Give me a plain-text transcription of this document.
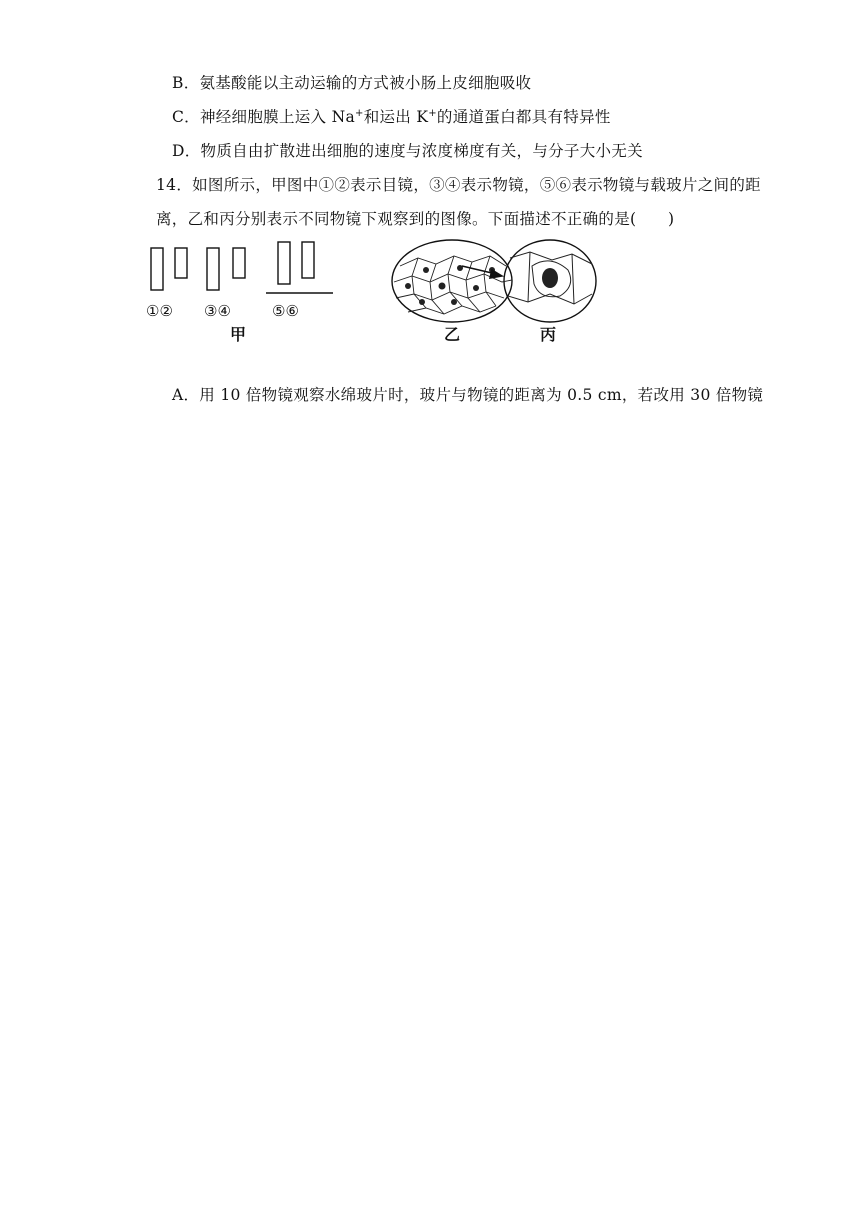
B．氨基酸能以主动运输的方式被小肠上皮细胞吸收
C．神经细胞膜上运入 Na+和运出 K+的通道蛋白都具有特异性
D．物质自由扩散进出细胞的速度与浓度梯度有关，与分子大小无关
14．如图所示，甲图中①②表示目镜，③④表示物镜，⑤⑥表示物镜与载玻片之间的距
离，乙和丙分别表示不同物镜下观察到的图像。下面描述不正确的是(　　)
①② ③④	⑤⑥
甲	乙	丙
A．用 10 倍物镜观察水绵玻片时，玻片与物镜的距离为 0.5 cm，若改用 30 倍物镜
